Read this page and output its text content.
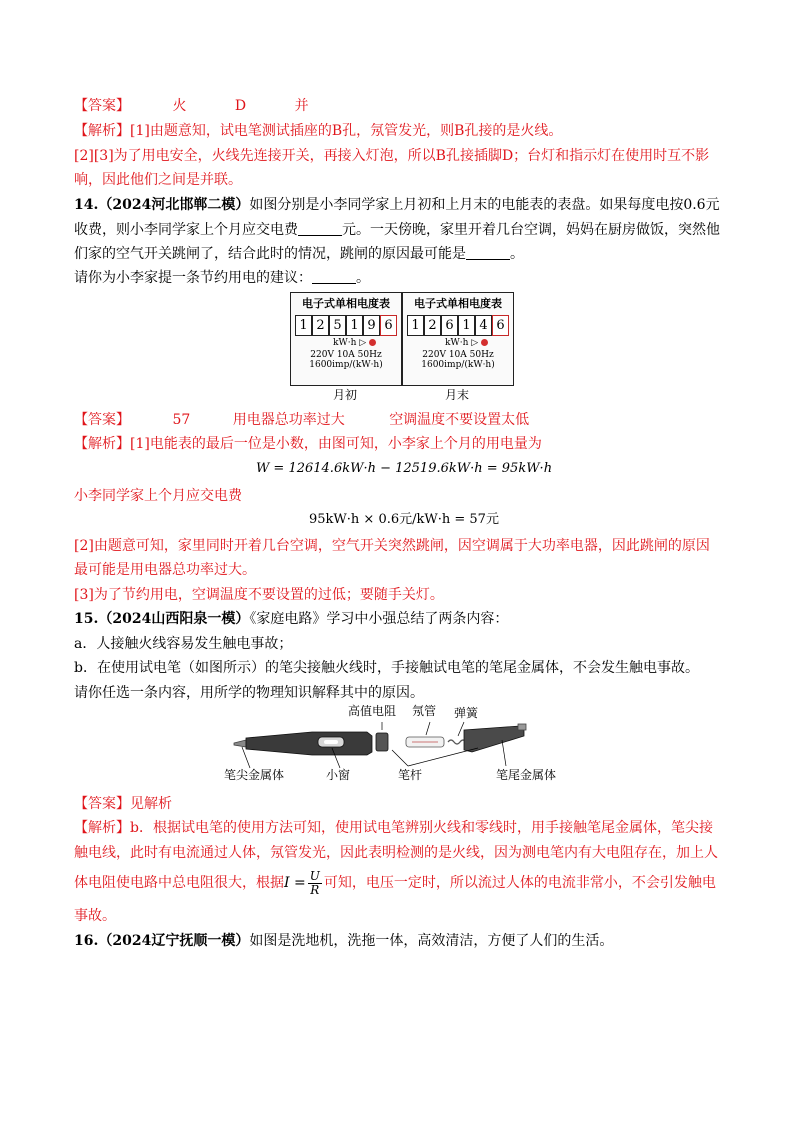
【答案】	火	D	并
【解析】[1]由题意知，试电笔测试插座的B孔，氖管发光，则B孔接的是火线。
[2][3]为了用电安全，火线先连接开关，再接入灯泡，所以B孔接插脚D；台灯和指示灯在使用时互不影
响，因此他们之间是并联。
14.（2024河北邯郸二模）如图分别是小李同学家上月初和上月末的电能表的表盘。如果每度电按0.6元
收费，则小李同学家上个月应交电费	元。一天傍晚，家里开着几台空调，妈妈在厨房做饭，突然他
们家的空气开关跳闸了，结合此时的情况，跳闸的原因最可能是	。
请你为小李家提一条节约用电的建议：	。
电子式单相电度表
1 2 5 1 9 6
kW·h ▷
220V 10A 50Hz
1600imp/(kW·h)
电子式单相电度表
1 2 6 1 4 6
kW·h ▷
220V 10A 50Hz
1600imp/(kW·h)
月初	月末
【答案】	57	用电器总功率过大	空调温度不要设置太低
【解析】[1]电能表的最后一位是小数，由图可知，小李家上个月的用电量为
W = 12614.6kW·h − 12519.6kW·h = 95kW·h
小李同学家上个月应交电费
95kW·h × 0.6元/kW·h = 57元
[2]由题意可知，家里同时开着几台空调，空气开关突然跳闸，因空调属于大功率电器，因此跳闸的原因
最可能是用电器总功率过大。
[3]为了节约用电，空调温度不要设置的过低；要随手关灯。
15.（2024山西阳泉一模）《家庭电路》学习中小强总结了两条内容：
a．人接触火线容易发生触电事故；
b．在使用试电笔（如图所示）的笔尖接触火线时，手接触试电笔的笔尾金属体，不会发生触电事故。
请你任选一条内容，用所学的物理知识解释其中的原因。
高值电阻 氖管 弹簧
笔尖金属体	小窗	笔杆	笔尾金属体
【答案】见解析
【解析】b．根据试电笔的使用方法可知，使用试电笔辨别火线和零线时，用手接触笔尾金属体，笔尖接
触电线，此时有电流通过人体，氖管发光，因此表明检测的是火线，因为测电笔内有大电阻存在，加上人
体电阻使电路中总电阻很大，根据$I = \frac{U}{R}$ 可知，电压一定时，所以流过人体的电流非常小，不会引发触电
事故。
16.（2024辽宁抚顺一模）如图是洗地机，洗拖一体，高效清洁，方便了人们的生活。
